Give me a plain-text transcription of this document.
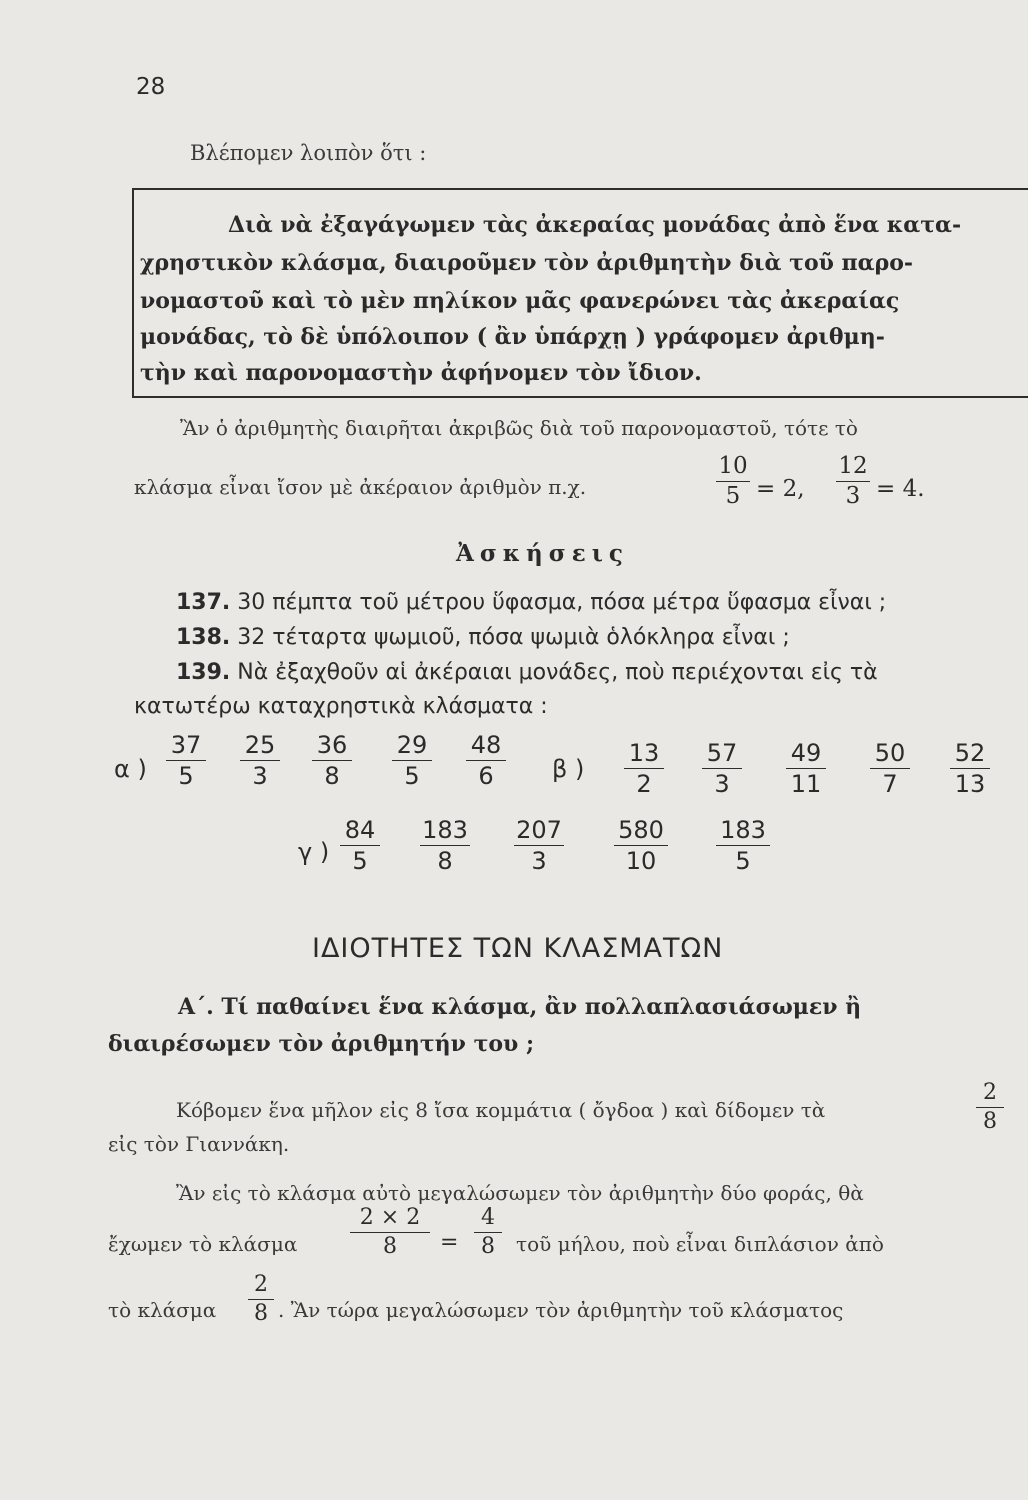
28
Βλέπομεν λοιπὸν ὅτι :
Διὰ νὰ ἐξαγάγωμεν τὰς ἀκεραίας μονάδας ἀπὸ ἕνα κατα-
χρηστικὸν κλάσμα, διαιροῦμεν τὸν ἀριθμητὴν διὰ τοῦ παρο-
νομαστοῦ καὶ τὸ μὲν πηλίκον μᾶς φανερώνει τὰς ἀκεραίας
μονάδας, τὸ δὲ ὑπόλοιπον ( ἂν ὑπάρχῃ ) γράφομεν ἀριθμη-
τὴν καὶ παρονομαστὴν ἀφήνομεν τὸν ἴδιον.
Ἂν ὁ ἀριθμητὴς διαιρῆται ἀκριβῶς διὰ τοῦ παρονομαστοῦ, τότε τὸ
κλάσμα εἶναι ἴσον μὲ ἀκέραιον ἀριθμὸν π.χ.
10
5 = 2,
12
3 = 4.
Ἀσκήσεις
137. 30 πέμπτα τοῦ μέτρου ὕφασμα, πόσα μέτρα ὕφασμα εἶναι ;
138. 32 τέταρτα ψωμιοῦ, πόσα ψωμιὰ ὁλόκληρα εἶναι ;
139. Νὰ ἐξαχθοῦν αἱ ἀκέραιαι μονάδες, ποὺ περιέχονται εἰς τὰ
κατωτέρω καταχρηστικὰ κλάσματα :
α )
37
5
25
3
36
8
29
5
48
6	β )
13
2
57
3
49
11
50
7
52
13
γ )
84
5
183
8
207
3
580
10
183
5
ΙΔΙΟΤΗΤΕΣ ΤΩΝ ΚΛΑΣΜΑΤΩΝ
Α΄. Τί παθαίνει ἕνα κλάσμα, ἂν πολλαπλασιάσωμεν ἢ
διαιρέσωμεν τὸν ἀριθμητήν του ;
Κόβομεν ἕνα μῆλον εἰς 8 ἴσα κομμάτια ( ὄγδοα ) καὶ δίδομεν τὰ
2
8
εἰς τὸν Γιαννάκη.
Ἂν εἰς τὸ κλάσμα αὐτὸ μεγαλώσωμεν τὸν ἀριθμητὴν δύο φοράς, θὰ
ἔχωμεν τὸ κλάσμα
2 × 2
8	=
4
8	τοῦ μήλου, ποὺ εἶναι διπλάσιον ἀπὸ
τὸ κλάσμα
2
8 . Ἂν τώρα μεγαλώσωμεν τὸν ἀριθμητὴν τοῦ κλάσματος
